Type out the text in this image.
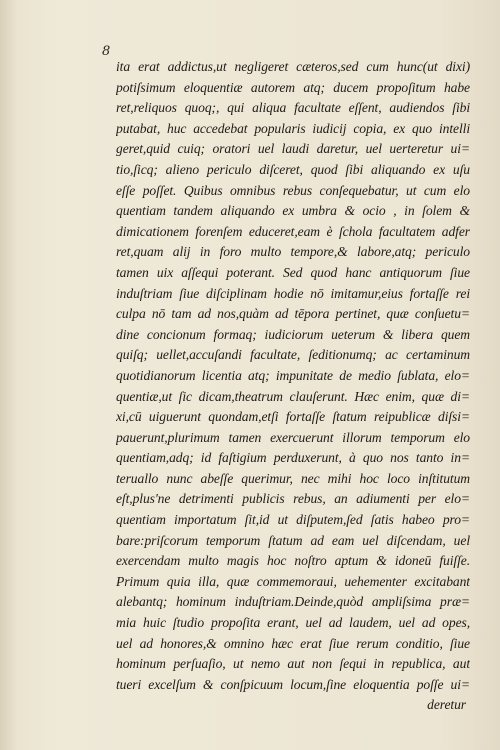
8
ita erat addictus,ut negligeret cæteros,sed cum hunc(ut dixi)
potiſsimum eloquentiæ autorem atq; ducem propoſitum habe
ret,reliquos quoq;, qui aliqua facultate eſſent, audiendos ſibi
putabat, huc accedebat popularis iudicij copia, ex quo intelli
geret,quid cuiq; oratori uel laudi daretur, uel uerteretur ui=
tio,ſicq; alieno periculo diſceret, quod ſibi aliquando ex uſu
eſſe poſſet. Quibus omnibus rebus conſequebatur, ut cum elo
quentiam tandem aliquando ex umbra & ocio , in ſolem &
dimicationem forenſem educeret,eam è ſchola facultatem adfer
ret,quam alij in foro multo tempore,& labore,atq; periculo
tamen uix aſſequi poterant. Sed quod hanc antiquorum ſiue
induſtriam ſiue diſciplinam hodie nō imitamur,eius fortaſſe rei
culpa nō tam ad nos,quàm ad tēpora pertinet, quæ conſuetu=
dine concionum formaq; iudiciorum ueterum & libera quem
quiſq; uellet,accuſandi facultate, ſeditionumq; ac certaminum
quotidianorum licentia atq; impunitate de medio ſublata, elo=
quentiæ,ut ſic dicam,theatrum clauſerunt. Hæc enim, quæ di=
xi,cū uiguerunt quondam,etſi fortaſſe ſtatum reipublicæ diſsi=
pauerunt,plurimum tamen exercuerunt illorum temporum elo
quentiam,adq; id faſtigium perduxerunt, à quo nos tanto in=
teruallo nunc abeſſe querimur, nec mihi hoc loco inſtitutum
eſt,plus'ne detrimenti publicis rebus, an adiumenti per elo=
quentiam importatum ſit,id ut diſputem,ſed ſatis habeo pro=
bare:priſcorum temporum ſtatum ad eam uel diſcendam, uel
exercendam multo magis hoc noſtro aptum & idoneū fuiſſe.
Primum quia illa, quæ commemoraui, uehementer excitabant
alebantq; hominum induſtriam.Deinde,quòd ampliſsima præ=
mia huic ſtudio propoſita erant, uel ad laudem, uel ad opes,
uel ad honores,& omnino hæc erat ſiue rerum conditio, ſiue
hominum perſuaſio, ut nemo aut non ſequi in republica, aut
tueri excelſum & conſpicuum locum,ſine eloquentia poſſe ui=
deretur
